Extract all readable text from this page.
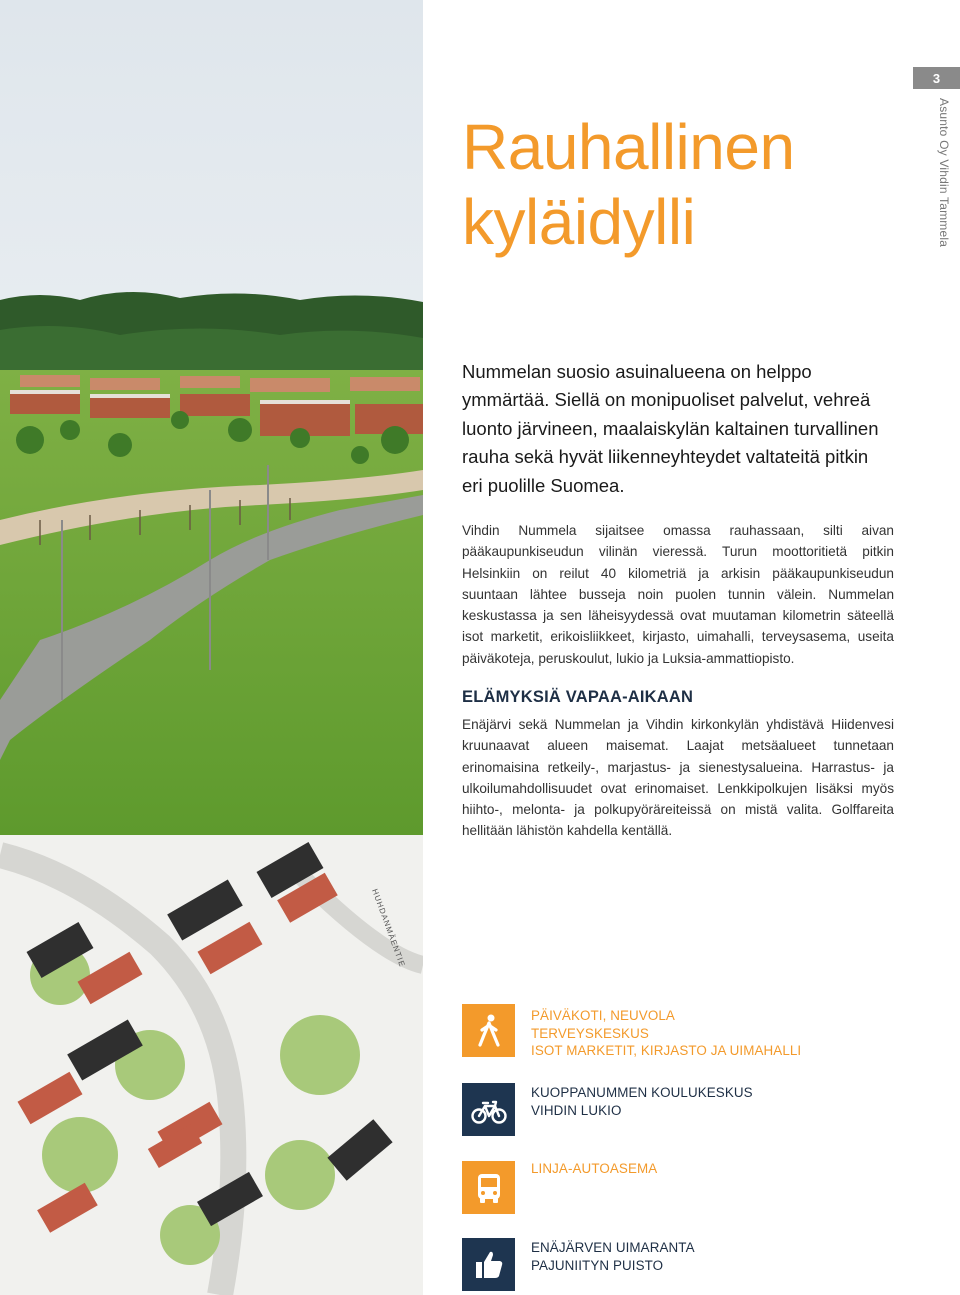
HUHDANMÄENTIE
3
Asunto Oy Vihdin Tammela
Rauhallinen
kyläidylli

Nummelan suosio asuinalueena on helppo ymmärtää. Siellä on monipuoliset palvelut, vehreä luonto järvineen, maalaiskylän kaltainen turvallinen rauha sekä hyvät liikenneyhteydet valtateitä pitkin eri puolille Suomea.

Vihdin Nummela sijaitsee omassa rauhassaan, silti aivan pääkaupunkiseudun vilinän vieressä. Turun moottoritietä pitkin Helsinkiin on reilut 40 kilometriä ja arkisin pääkaupunkiseudun suuntaan lähtee busseja noin puolen tunnin välein. Nummelan keskustassa ja sen läheisyydessä ovat muutaman kilometrin säteellä isot marketit, erikoisliikkeet, kirjasto, uimahalli, terveysasema, useita päiväkoteja, peruskoulut, lukio ja Luksia-ammattiopisto.

ELÄMYKSIÄ VAPAA-AIKAAN

Enäjärvi sekä Nummelan ja Vihdin kirkonkylän yhdistävä Hiidenvesi kruunaavat alueen maisemat. Laajat metsäalueet tunnetaan erinomaisina retkeily-, marjastus- ja sienestysalueina. Harrastus- ja ulkoilumahdollisuudet ovat erinomaiset. Lenkkipolkujen lisäksi myös hiihto-, melonta- ja polkupyöräreiteissä on mistä valita. Golffareita hellitään lähistön kahdella kentällä.

PÄIVÄKOTI, NEUVOLA
TERVEYSKESKUS
ISOT MARKETIT, KIRJASTO JA UIMAHALLI
KUOPPANUMMEN KOULUKESKUS
VIHDIN LUKIO
LINJA-AUTOASEMA
ENÄJÄRVEN UIMARANTA
PAJUNIITYN PUISTO
